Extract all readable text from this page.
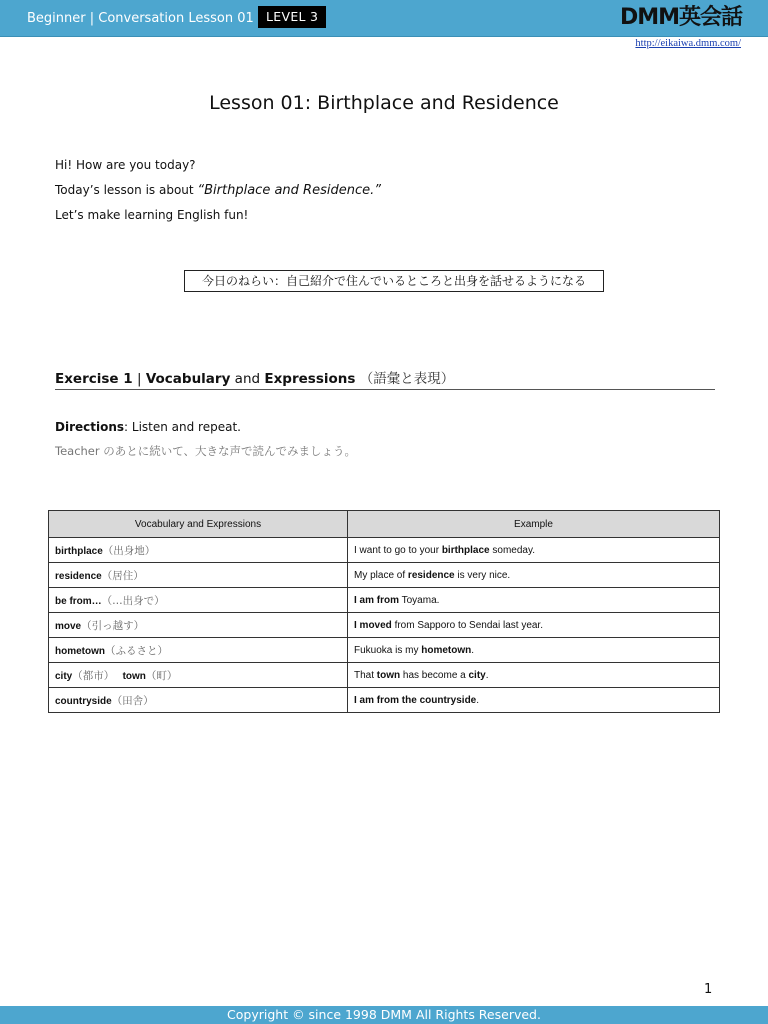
Beginner | Conversation Lesson 01 LEVEL 3	DMM英会話
http://eikaiwa.dmm.com/
Lesson 01: Birthplace and Residence
Hi! How are you today?
Today’s lesson is about “Birthplace and Residence.”
Let’s make learning English fun!
今日のねらい：自己紹介で住んでいるところと出身を話せるようになる
Exercise 1 | Vocabulary and Expressions （語彙と表現）
Directions: Listen and repeat.
Teacher のあとに続いて、大きな声で読んでみましょう。
Vocabulary and Expressions	Example
birthplace（出身地）	I want to go to your birthplace someday.
residence（居住）	My place of residence is very nice.
be from…（…出身で）	I am from Toyama.
move（引っ越す）	I moved from Sapporo to Sendai last year.
hometown（ふるさと）	Fukuoka is my hometown.
city（都市） town（町）	That town has become a city.
countryside（田舎）	I am from the countryside.
1
Copyright © since 1998 DMM All Rights Reserved.
